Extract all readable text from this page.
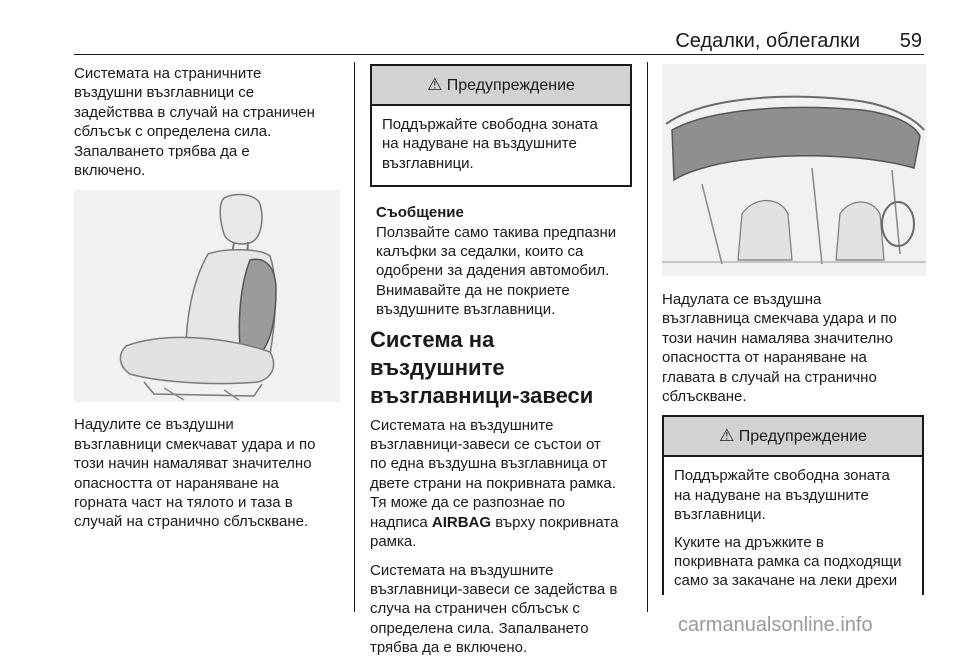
Седалки, облегалки 59

Системата на страничните
въздушни възглавници се
задействва в случай на страничен
сблъсък с определена сила.
Запалването трябва да е
включено.

Надулите се въздушни
възглавници смекчават удара и по
този начин намаляват значително
опасността от нараняване на
горната част на тялото и таза в
случай на странично сблъскване.

⚠ Предупреждение

Поддържайте свободна зоната
на надуване на въздушните
възглавници.

Съобщение
Ползвайте само такива предпазни
калъфки за седалки, които са
одобрени за дадения автомобил.
Внимавайте да не покриете
въздушните възглавници.
Система на въздушните
възглавници-завеси

Системата на въздушните
възглавници-завеси се състои от
по една въздушна възглавница от
двете страни на покривната рамка.
Тя може да се разпознае по
надписа AIRBAG върху покривната
рамка.

Системата на въздушните
възглавници-завеси се задейства в
случа на страничен сблъсък с
определена сила. Запалването
трябва да е включено.

Надулата се въздушна
възглавница смекчава удара и по
този начин намалява значително
опасността от нараняване на
главата в случай на странично
сблъскване.

⚠ Предупреждение

Поддържайте свободна зоната
на надуване на въздушните
възглавници.

Куките на дръжките в
покривната рамка са подходящи
само за закачане на леки дрехи

carmanualsonline.info
